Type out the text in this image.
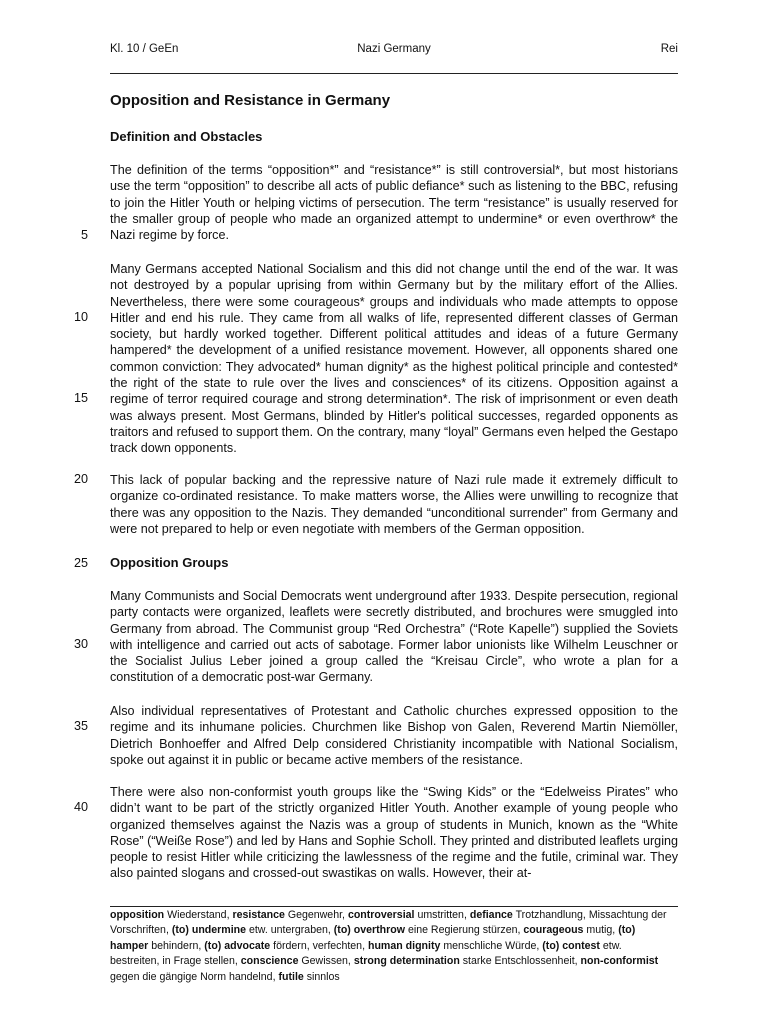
Kl. 10 / GeEn	Nazi Germany	Rei
Opposition and Resistance in Germany
Definition and Obstacles

The definition of the terms “opposition*” and “resistance*” is still controversial*, but most historians use the term “opposition” to describe all acts of public defiance* such as listening to the BBC, refusing to join the Hitler Youth or helping victims of persecution. The term “resistance” is usually reserved for the smaller group of people who made an organized attempt to undermine* or even overthrow* the Nazi regime by force.

Many Germans accepted National Socialism and this did not change until the end of the war. It was not destroyed by a popular uprising from within Germany but by the military effort of the Allies. Nevertheless, there were some courageous* groups and individuals who made attempts to oppose Hitler and end his rule. They came from all walks of life, represented different classes of German society, but hardly worked together. Different political attitudes and ideas of a future Germany hampered* the development of a unified resistance movement. However, all opponents shared one common conviction: They advocated* human dignity* as the highest political principle and contested* the right of the state to rule over the lives and consciences* of its citizens. Opposition against a regime of terror required courage and strong determination*. The risk of imprisonment or even death was always present. Most Germans, blinded by Hitler's political successes, regarded opponents as traitors and refused to support them. On the contrary, many “loyal” Germans even helped the Gestapo track down opponents.

This lack of popular backing and the repressive nature of Nazi rule made it extremely difficult to organize co-ordinated resistance. To make matters worse, the Allies were unwilling to recognize that there was any opposition to the Nazis. They demanded “unconditional surrender” from Germany and were not prepared to help or even negotiate with members of the German opposition.

Opposition Groups

Many Communists and Social Democrats went underground after 1933. Despite persecution, regional party contacts were organized, leaflets were secretly distributed, and brochures were smuggled into Germany from abroad. The Communist group “Red Orchestra” (“Rote Kapelle”) supplied the Soviets with intelligence and carried out acts of sabotage. Former labor unionists like Wilhelm Leuschner or the Socialist Julius Leber joined a group called the “Kreisau Circle”, who wrote a plan for a constitution of a democratic post-war Germany.

Also individual representatives of Protestant and Catholic churches expressed opposition to the regime and its inhumane policies. Churchmen like Bishop von Galen, Reverend Martin Niemöller, Dietrich Bonhoeffer and Alfred Delp considered Christianity incompatible with National Socialism, spoke out against it in public or became active members of the resistance.

There were also non-conformist youth groups like the “Swing Kids” or the “Edelweiss Pirates” who didn’t want to be part of the strictly organized Hitler Youth. Another example of young people who organized themselves against the Nazis was a group of students in Munich, known as the “White Rose” (“Weiße Rose”) and led by Hans and Sophie Scholl. They printed and distributed leaflets urging people to resist Hitler while criticizing the lawlessness of the regime and the futile, criminal war. They also painted slogans and crossed-out swastikas on walls. However, their at-

5
10
15
20
25
30
35
40

opposition Wiederstand, resistance Gegenwehr, controversial umstritten, defiance Trotzhandlung, Missachtung der Vorschriften, (to) undermine etw. untergraben, (to) overthrow eine Regierung stürzen, courageous mutig, (to) hamper behindern, (to) advocate fördern, verfechten, human dignity menschliche Würde, (to) contest etw. bestreiten, in Frage stellen, conscience Gewissen, strong determination starke Entschlossenheit, non-conformist gegen die gängige Norm handelnd, futile sinnlos
